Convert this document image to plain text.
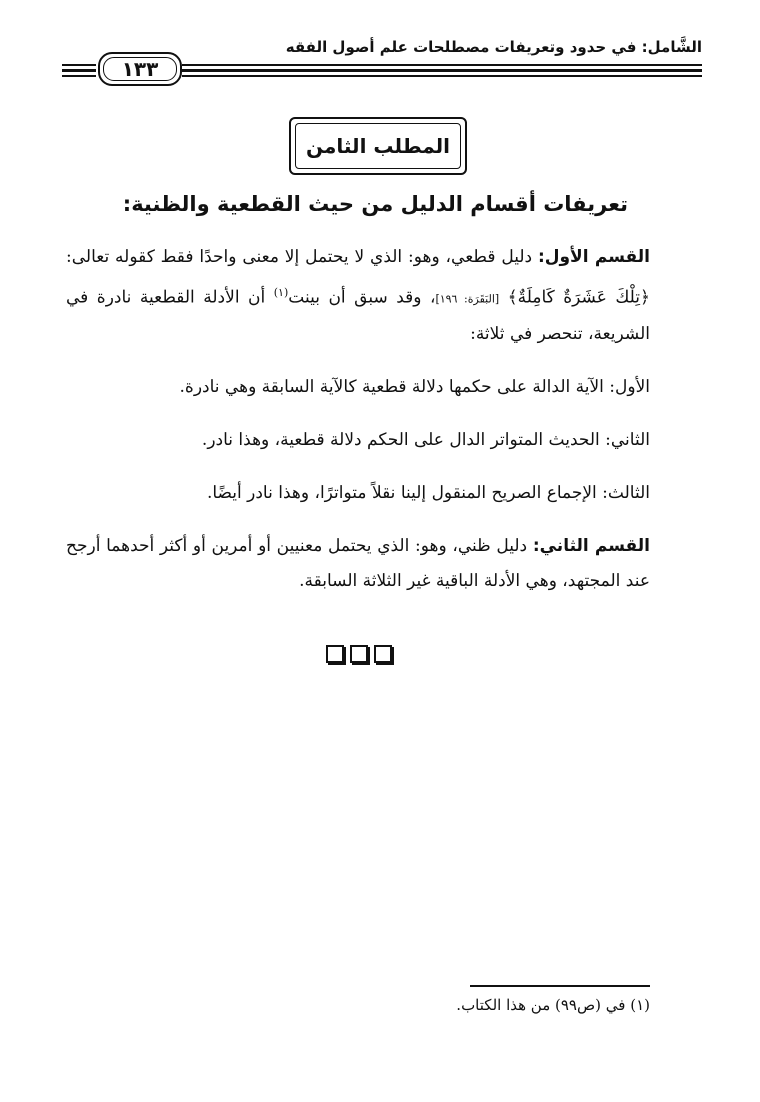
الشَّامل: في حدود وتعريفات مصطلحات علم أصول الفقه
١٣٣
المطلب الثامن
تعريفات أقسام الدليل من حيث القطعية والظنية:

القسم الأول: دليل قطعي، وهو: الذي لا يحتمل إلا معنى واحدًا فقط كقوله تعالى: ﴿تِلْكَ عَشَرَةٌ كَامِلَةٌ﴾ [البَقَرَة: ١٩٦]، وقد سبق أن بينت$^{(١)}$ أن الأدلة القطعية نادرة في الشريعة، تنحصر في ثلاثة:

الأول: الآية الدالة على حكمها دلالة قطعية كالآية السابقة وهي نادرة.

الثاني: الحديث المتواتر الدال على الحكم دلالة قطعية، وهذا نادر.

الثالث: الإجماع الصريح المنقول إلينا نقلاً متواترًا، وهذا نادر أيضًا.

القسم الثاني: دليل ظني، وهو: الذي يحتمل معنيين أو أمرين أو أكثر أحدهما أرجح عند المجتهد، وهي الأدلة الباقية غير الثلاثة السابقة.

(١) في (ص٩٩) من هذا الكتاب.
